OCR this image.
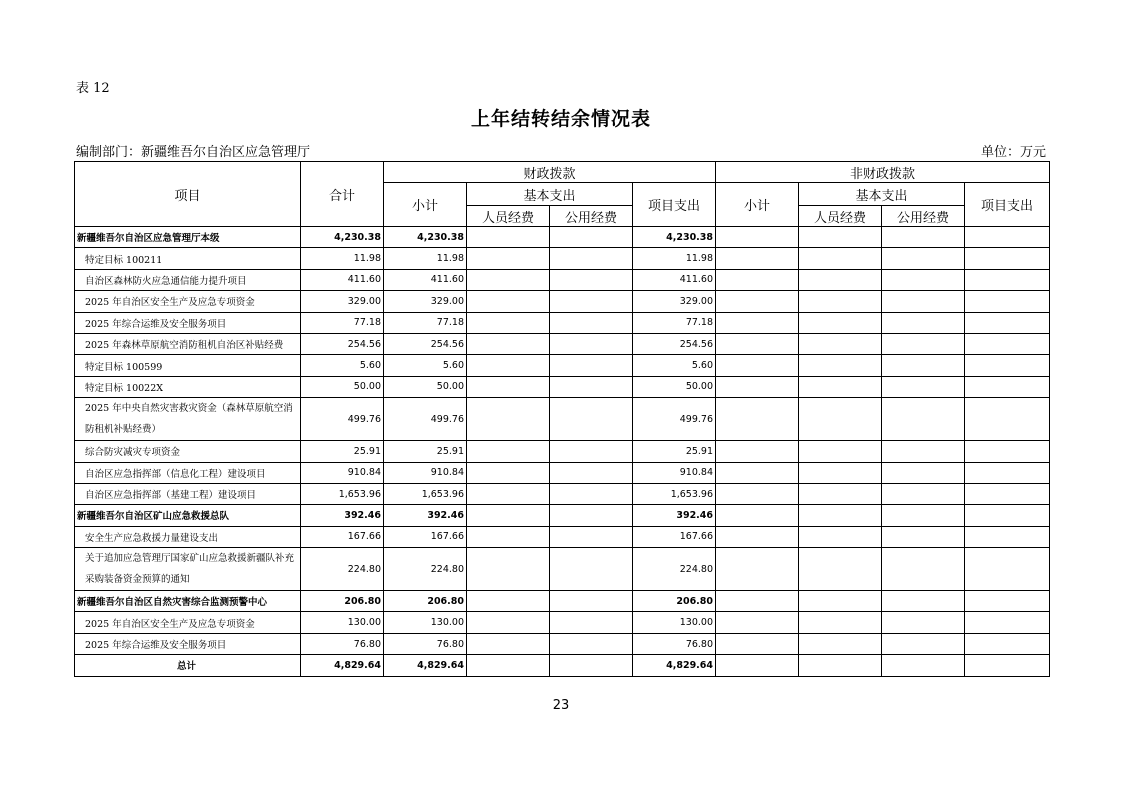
表 12
上年结转结余情况表
编制部门：新疆维吾尔自治区应急管理厅	单位：万元
项目	合计	财政拨款				非财政拨款			
		小计	基本支出		项目支出	小计	基本支出		项目支出
			人员经费	公用经费			人员经费	公用经费	
新疆维吾尔自治区应急管理厅本级	4,230.38	4,230.38			4,230.38				
特定目标 100211	11.98	11.98			11.98				
自治区森林防火应急通信能力提升项目	411.60	411.60			411.60				
2025 年自治区安全生产及应急专项资金	329.00	329.00			329.00				
2025 年综合运维及安全服务项目	77.18	77.18			77.18				
2025 年森林草原航空消防租机自治区补贴经费	254.56	254.56			254.56				
特定目标 100599	5.60	5.60			5.60				
特定目标 10022X	50.00	50.00			50.00				
2025 年中央自然灾害救灾资金（森林草原航空消防租机补贴经费）	499.76	499.76			499.76				
综合防灾减灾专项资金	25.91	25.91			25.91				
自治区应急指挥部（信息化工程）建设项目	910.84	910.84			910.84				
自治区应急指挥部（基建工程）建设项目	1,653.96	1,653.96			1,653.96				
新疆维吾尔自治区矿山应急救援总队	392.46	392.46			392.46				
安全生产应急救援力量建设支出	167.66	167.66			167.66				
关于追加应急管理厅国家矿山应急救援新疆队补充采购装备资金预算的通知	224.80	224.80			224.80				
新疆维吾尔自治区自然灾害综合监测预警中心	206.80	206.80			206.80				
2025 年自治区安全生产及应急专项资金	130.00	130.00			130.00				
2025 年综合运维及安全服务项目	76.80	76.80			76.80				
总计	4,829.64	4,829.64			4,829.64				
23
